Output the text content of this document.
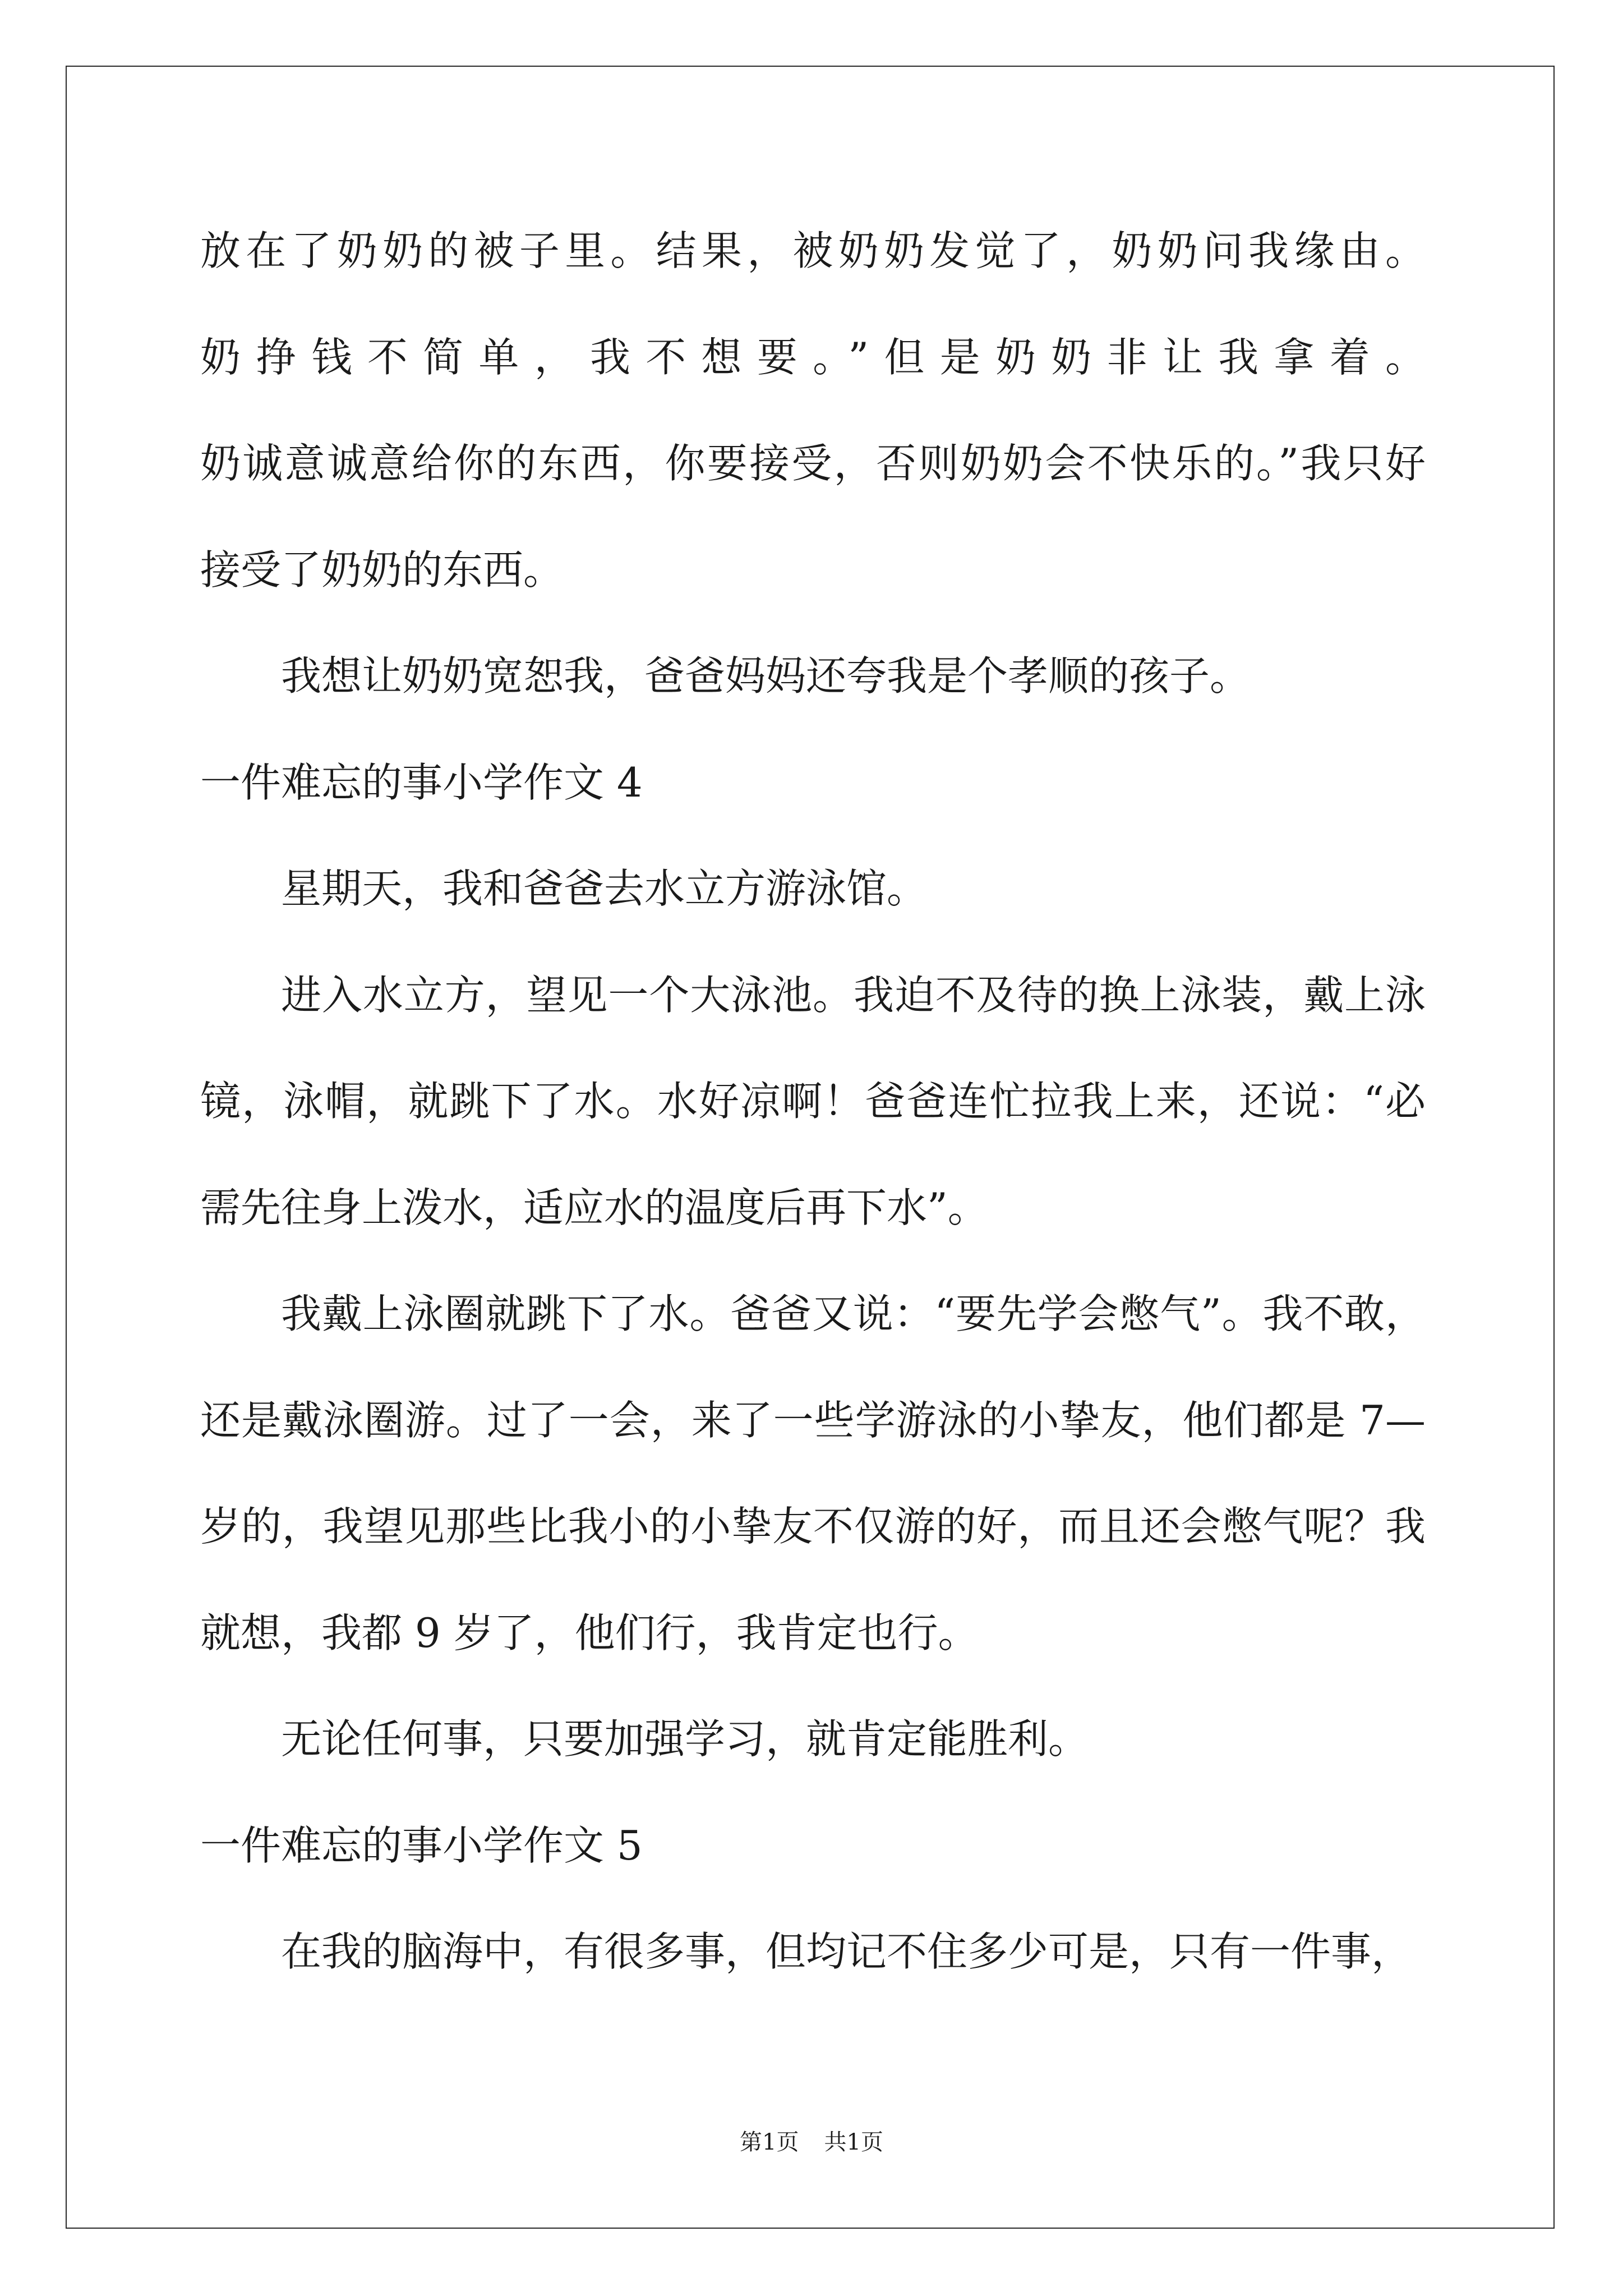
放在了奶奶的被子里。结果，被奶奶发觉了，奶奶问我缘由。
奶挣钱不简单，我不想要。”但是奶奶非让我拿着。
奶诚意诚意给你的东西，你要接受，否则奶奶会不快乐的。”我只好
接受了奶奶的东西。
我想让奶奶宽恕我，爸爸妈妈还夸我是个孝顺的孩子。
一件难忘的事小学作文 4
星期天，我和爸爸去水立方游泳馆。
进入水立方，望见一个大泳池。我迫不及待的换上泳装，戴上泳
镜，泳帽，就跳下了水。水好凉啊！爸爸连忙拉我上来，还说：“必
需先往身上泼水，适应水的温度后再下水”。
我戴上泳圈就跳下了水。爸爸又说：“要先学会憋气”。我不敢，
还是戴泳圈游。过了一会，来了一些学游泳的小挚友，他们都是 7—
岁的，我望见那些比我小的小挚友不仅游的好，而且还会憋气呢？我
就想，我都 9 岁了，他们行，我肯定也行。
无论任何事，只要加强学习，就肯定能胜利。
一件难忘的事小学作文 5
在我的脑海中，有很多事，但均记不住多少可是，只有一件事，
第1页 共1页
